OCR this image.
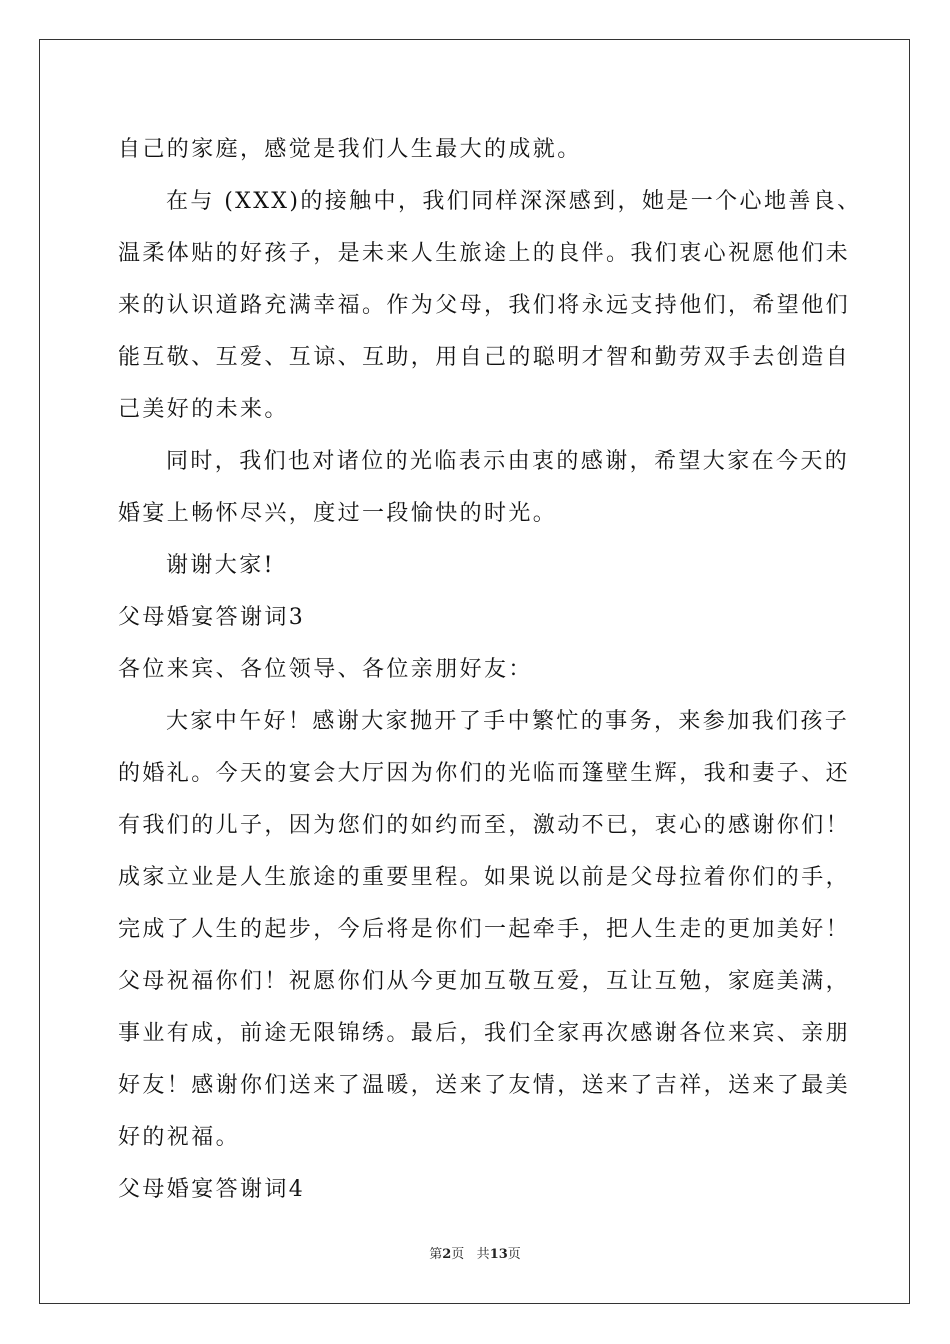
自己的家庭，感觉是我们人生最大的成就。
在与 (XXX)的接触中，我们同样深深感到，她是一个心地善良、
温柔体贴的好孩子，是未来人生旅途上的良伴。我们衷心祝愿他们未
来的认识道路充满幸福。作为父母，我们将永远支持他们，希望他们
能互敬、互爱、互谅、互助，用自己的聪明才智和勤劳双手去创造自
己美好的未来。
同时，我们也对诸位的光临表示由衷的感谢，希望大家在今天的
婚宴上畅怀尽兴，度过一段愉快的时光。
谢谢大家!
父母婚宴答谢词3
各位来宾、各位领导、各位亲朋好友：
大家中午好！感谢大家抛开了手中繁忙的事务，来参加我们孩子
的婚礼。今天的宴会大厅因为你们的光临而篷壁生辉，我和妻子、还
有我们的儿子，因为您们的如约而至，激动不已，衷心的感谢你们！
成家立业是人生旅途的重要里程。如果说以前是父母拉着你们的手，
完成了人生的起步，今后将是你们一起牵手，把人生走的更加美好！
父母祝福你们！祝愿你们从今更加互敬互爱，互让互勉，家庭美满，
事业有成，前途无限锦绣。最后，我们全家再次感谢各位来宾、亲朋
好友！感谢你们送来了温暖，送来了友情，送来了吉祥，送来了最美
好的祝福。
父母婚宴答谢词4
第2页 共13页
